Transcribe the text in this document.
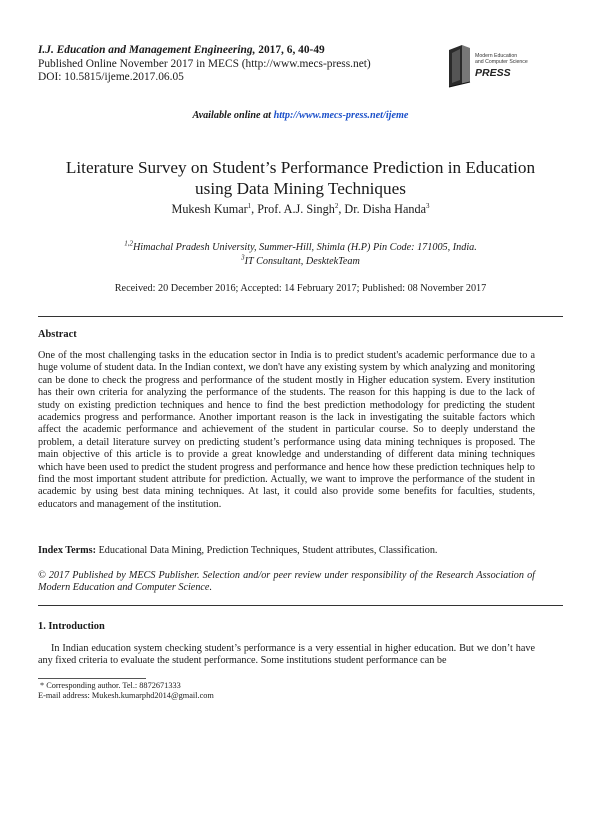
I.J. Education and Management Engineering, 2017, 6, 40-49
Published Online November 2017 in MECS (http://www.mecs-press.net)
DOI: 10.5815/ijeme.2017.06.05
Modern Education
and Computer Science
PRESS
Available online at http://www.mecs-press.net/ijeme
Literature Survey on Student’s Performance Prediction in Education
using Data Mining Techniques
Mukesh Kumar$^1$, Prof. A.J. Singh$^2$, Dr. Disha Handa$^3$
$^{1,2}$Himachal Pradesh University, Summer-Hill, Shimla (H.P) Pin Code: 171005, India.
$^3$IT Consultant, DesktekTeam
Received: 20 December 2016; Accepted: 14 February 2017; Published: 08 November 2017
Abstract
One of the most challenging tasks in the education sector in India is to predict student's academic performance due to a huge volume of student data. In the Indian context, we don't have any existing system by which analyzing and monitoring can be done to check the progress and performance of the student mostly in Higher education system. Every institution has their own criteria for analyzing the performance of the students. The reason for this happing is due to the lack of study on existing prediction techniques and hence to find the best prediction methodology for predicting the student academics progress and performance. Another important reason is the lack in investigating the suitable factors which affect the academic performance and achievement of the student in particular course. So to deeply understand the problem, a detail literature survey on predicting student’s performance using data mining techniques is proposed. The main objective of this article is to provide a great knowledge and understanding of different data mining techniques which have been used to predict the student progress and performance and hence how these prediction techniques help to find the most important student attribute for prediction. Actually, we want to improve the performance of the student in academic by using best data mining techniques. At last, it could also provide some benefits for faculties, students, educators and management of the institution.
Index Terms: Educational Data Mining, Prediction Techniques, Student attributes, Classification.
© 2017 Published by MECS Publisher. Selection and/or peer review under responsibility of the Research Association of Modern Education and Computer Science.
1. Introduction
In Indian education system checking student’s performance is a very essential in higher education. But we don’t have any fixed criteria to evaluate the student performance. Some institutions student performance can be
* Corresponding author. Tel.: 8872671333
E-mail address: Mukesh.kumarphd2014@gmail.com
